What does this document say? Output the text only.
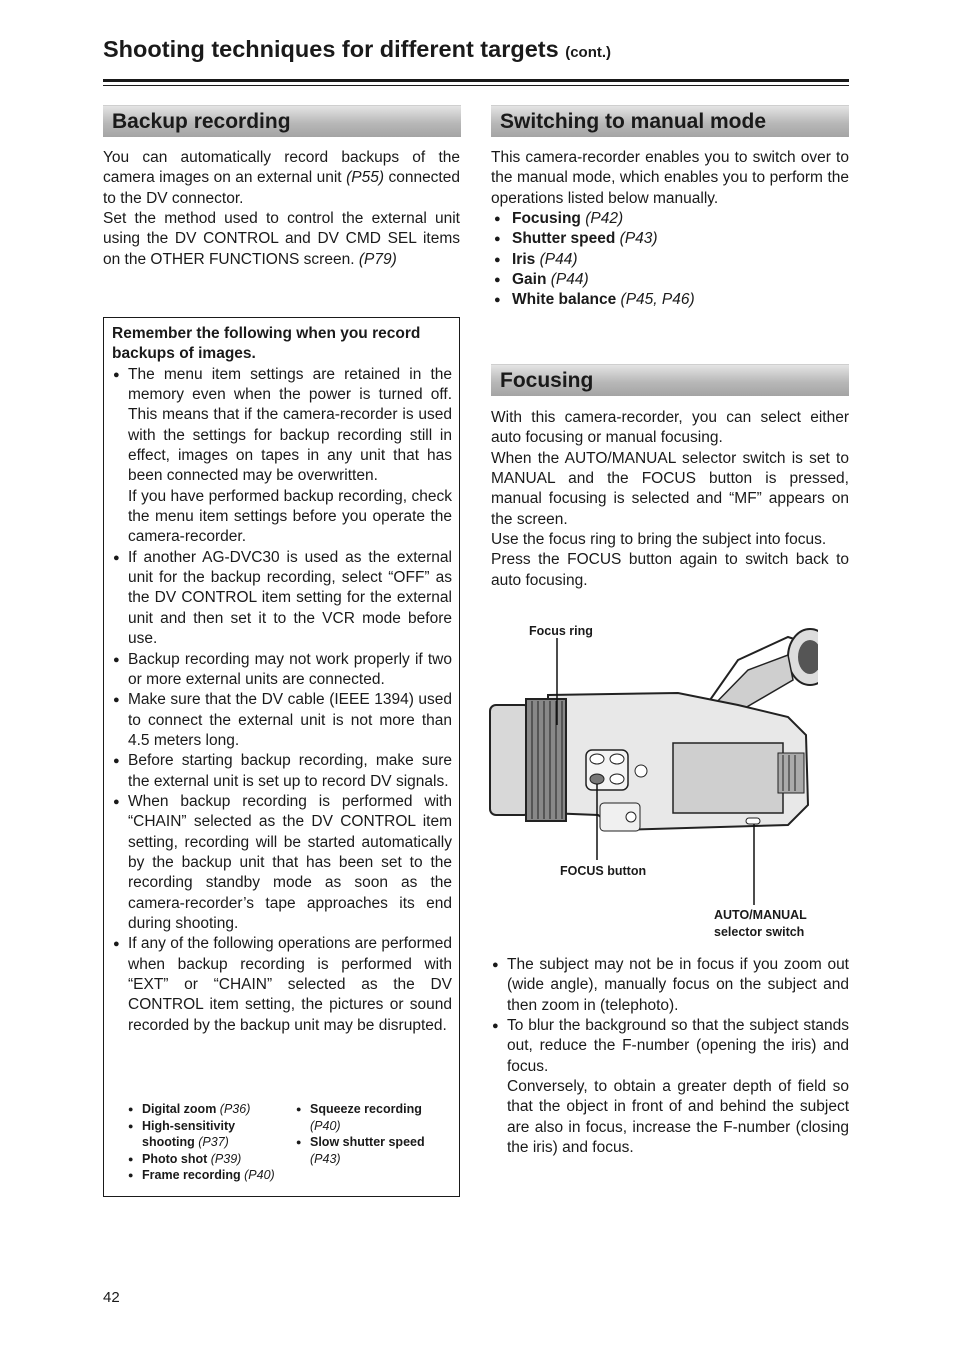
Shooting techniques for different targets (cont.)
Backup recording

You can automatically record backups of the camera images on an external unit (P55) connected to the DV connector.

Set the method used to control the external unit using the DV CONTROL and DV CMD SEL items on the OTHER FUNCTIONS screen. (P79)

Remember the following when you record backups of images.

● The menu item settings are retained in the memory even when the power is turned off. This means that if the camera-recorder is used with the settings for backup recording still in effect, images on tapes in any unit that has been connected may be overwritten.
If you have performed backup recording, check the menu item settings before you operate the camera-recorder.
● If another AG-DVC30 is used as the external unit for the backup recording, select “OFF” as the DV CONTROL item setting for the external unit and then set it to the VCR mode before use.
● Backup recording may not work properly if two or more external units are connected.
● Make sure that the DV cable (IEEE 1394) used to connect the external unit is not more than 4.5 meters long.
● Before starting backup recording, make sure the external unit is set up to record DV signals.
● When backup recording is performed with “CHAIN” selected as the DV CONTROL item setting, recording will be started automatically by the backup unit that has been set to the recording standby mode as soon as the camera-recorder’s tape approaches its end during shooting.
● If any of the following operations are performed when backup recording is performed with “EXT” or “CHAIN” selected as the DV CONTROL item setting, the pictures or sound recorded by the backup unit may be disrupted.
● Digital zoom (P36)
● High-sensitivity
shooting (P37)
● Photo shot (P39)
● Frame recording (P40)
● Squeeze recording
(P40)
● Slow shutter speed
(P43)
Switching to manual mode

This camera-recorder enables you to switch over to the manual mode, which enables you to perform the operations listed below manually.

● Focusing (P42)
● Shutter speed (P43)
● Iris (P44)
● Gain (P44)
● White balance (P45, P46)
Focusing

With this camera-recorder, you can select either auto focusing or manual focusing.

When the AUTO/MANUAL selector switch is set to MANUAL and the FOCUS button is pressed, manual focusing is selected and “MF” appears on the screen.

Use the focus ring to bring the subject into focus.

Press the FOCUS button again to switch back to auto focusing.

Focus ring
FOCUS button
AUTO/MANUAL
selector switch
● The subject may not be in focus if you zoom out (wide angle), manually focus on the subject and then zoom in (telephoto).
● To blur the background so that the subject stands out, reduce the F-number (opening the iris) and focus.
Conversely, to obtain a greater depth of field so that the object in front of and behind the subject are also in focus, increase the F-number (closing the iris) and focus.
42
